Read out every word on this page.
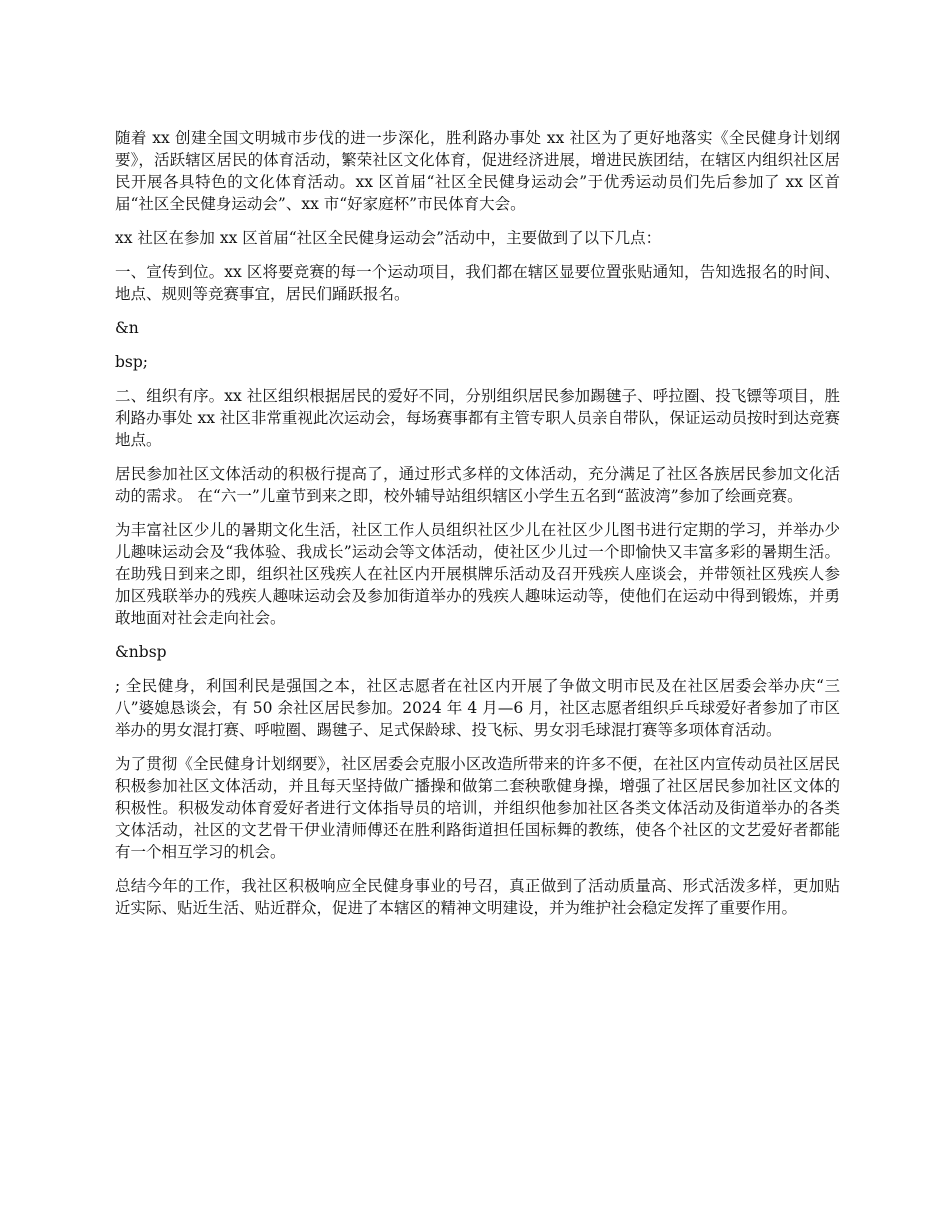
随着 xx 创建全国文明城市步伐的进一步深化，胜利路办事处 xx 社区为了更好地落实《全民健身计划纲要》，活跃辖区居民的体育活动，繁荣社区文化体育，促进经济进展，增进民族团结，在辖区内组织社区居民开展各具特色的文化体育活动。xx 区首届“社区全民健身运动会”于优秀运动员们先后参加了 xx 区首届“社区全民健身运动会”、xx 市“好家庭杯”市民体育大会。

xx 社区在参加 xx 区首届“社区全民健身运动会”活动中，主要做到了以下几点：

一、宣传到位。xx 区将要竞赛的每一个运动项目，我们都在辖区显要位置张贴通知，告知选报名的时间、地点、规则等竞赛事宜，居民们踊跃报名。

&n

bsp;

二、组织有序。xx 社区组织根据居民的爱好不同，分别组织居民参加踢毽子、呼拉圈、投飞镖等项目，胜利路办事处 xx 社区非常重视此次运动会，每场赛事都有主管专职人员亲自带队，保证运动员按时到达竞赛地点。

居民参加社区文体活动的积极行提高了，通过形式多样的文体活动，充分满足了社区各族居民参加文化活动的需求。 在“六一”儿童节到来之即，校外辅导站组织辖区小学生五名到“蓝波湾”参加了绘画竞赛。

为丰富社区少儿的暑期文化生活，社区工作人员组织社区少儿在社区少儿图书进行定期的学习，并举办少儿趣味运动会及“我体验、我成长”运动会等文体活动，使社区少儿过一个即愉快又丰富多彩的暑期生活。 在助残日到来之即，组织社区残疾人在社区内开展棋牌乐活动及召开残疾人座谈会，并带领社区残疾人参加区残联举办的残疾人趣味运动会及参加街道举办的残疾人趣味运动等，使他们在运动中得到锻炼，并勇敢地面对社会走向社会。

&nbsp

; 全民健身，利国利民是强国之本，社区志愿者在社区内开展了争做文明市民及在社区居委会举办庆“三八”婆媳恳谈会，有 50 余社区居民参加。2024 年 4 月—6 月，社区志愿者组织乒乓球爱好者参加了市区举办的男女混打赛、呼啦圈、踢毽子、足式保龄球、投飞标、男女羽毛球混打赛等多项体育活动。

为了贯彻《全民健身计划纲要》，社区居委会克服小区改造所带来的许多不便，在社区内宣传动员社区居民积极参加社区文体活动，并且每天坚持做广播操和做第二套秧歌健身操，增强了社区居民参加社区文体的积极性。积极发动体育爱好者进行文体指导员的培训，并组织他参加社区各类文体活动及街道举办的各类文体活动，社区的文艺骨干伊业清师傅还在胜利路街道担任国标舞的教练，使各个社区的文艺爱好者都能有一个相互学习的机会。

总结今年的工作，我社区积极响应全民健身事业的号召，真正做到了活动质量高、形式活泼多样，更加贴近实际、贴近生活、贴近群众，促进了本辖区的精神文明建设，并为维护社会稳定发挥了重要作用。
